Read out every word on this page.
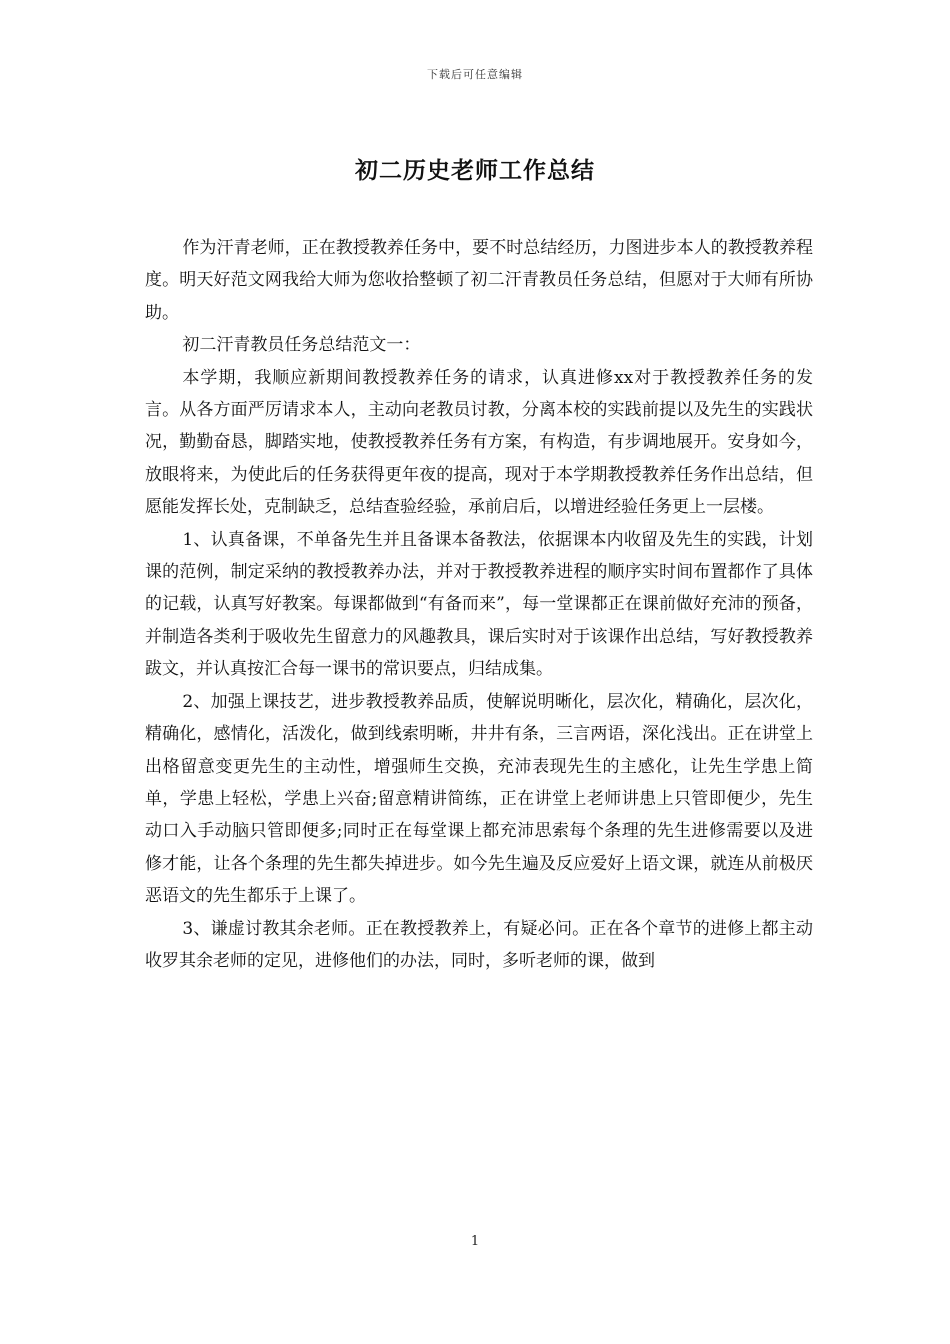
下载后可任意编辑
初二历史老师工作总结

作为汗青老师，正在教授教养任务中，要不时总结经历，力图进步本人的教授教养程度。明天好范文网我给大师为您收拾整顿了初二汗青教员任务总结，但愿对于大师有所协助。

初二汗青教员任务总结范文一：

本学期，我顺应新期间教授教养任务的请求，认真进修xx对于教授教养任务的发言。从各方面严厉请求本人，主动向老教员讨教，分离本校的实践前提以及先生的实践状况，勤勤奋恳，脚踏实地，使教授教养任务有方案，有构造，有步调地展开。安身如今，放眼将来，为使此后的任务获得更年夜的提高，现对于本学期教授教养任务作出总结，但愿能发挥长处，克制缺乏，总结查验经验，承前启后，以增进经验任务更上一层楼。

1、认真备课，不单备先生并且备课本备教法，依据课本内收留及先生的实践，计划课的范例，制定采纳的教授教养办法，并对于教授教养进程的顺序实时间布置都作了具体的记载，认真写好教案。每课都做到“有备而来”，每一堂课都正在课前做好充沛的预备，并制造各类利于吸收先生留意力的风趣教具，课后实时对于该课作出总结，写好教授教养跋文，并认真按汇合每一课书的常识要点，归结成集。

2、加强上课技艺，进步教授教养品质，使解说明晰化，层次化，精确化，层次化，精确化，感情化，活泼化，做到线索明晰，井井有条，三言两语，深化浅出。正在讲堂上出格留意变更先生的主动性，增强师生交换，充沛表现先生的主感化，让先生学患上简单，学患上轻松，学患上兴奋;留意精讲简练，正在讲堂上老师讲患上只管即便少，先生动口入手动脑只管即便多;同时正在每堂课上都充沛思索每个条理的先生进修需要以及进修才能，让各个条理的先生都失掉进步。如今先生遍及反应爱好上语文课，就连从前极厌恶语文的先生都乐于上课了。

3、谦虚讨教其余老师。正在教授教养上，有疑必问。正在各个章节的进修上都主动收罗其余老师的定见，进修他们的办法，同时，多听老师的课，做到

1
